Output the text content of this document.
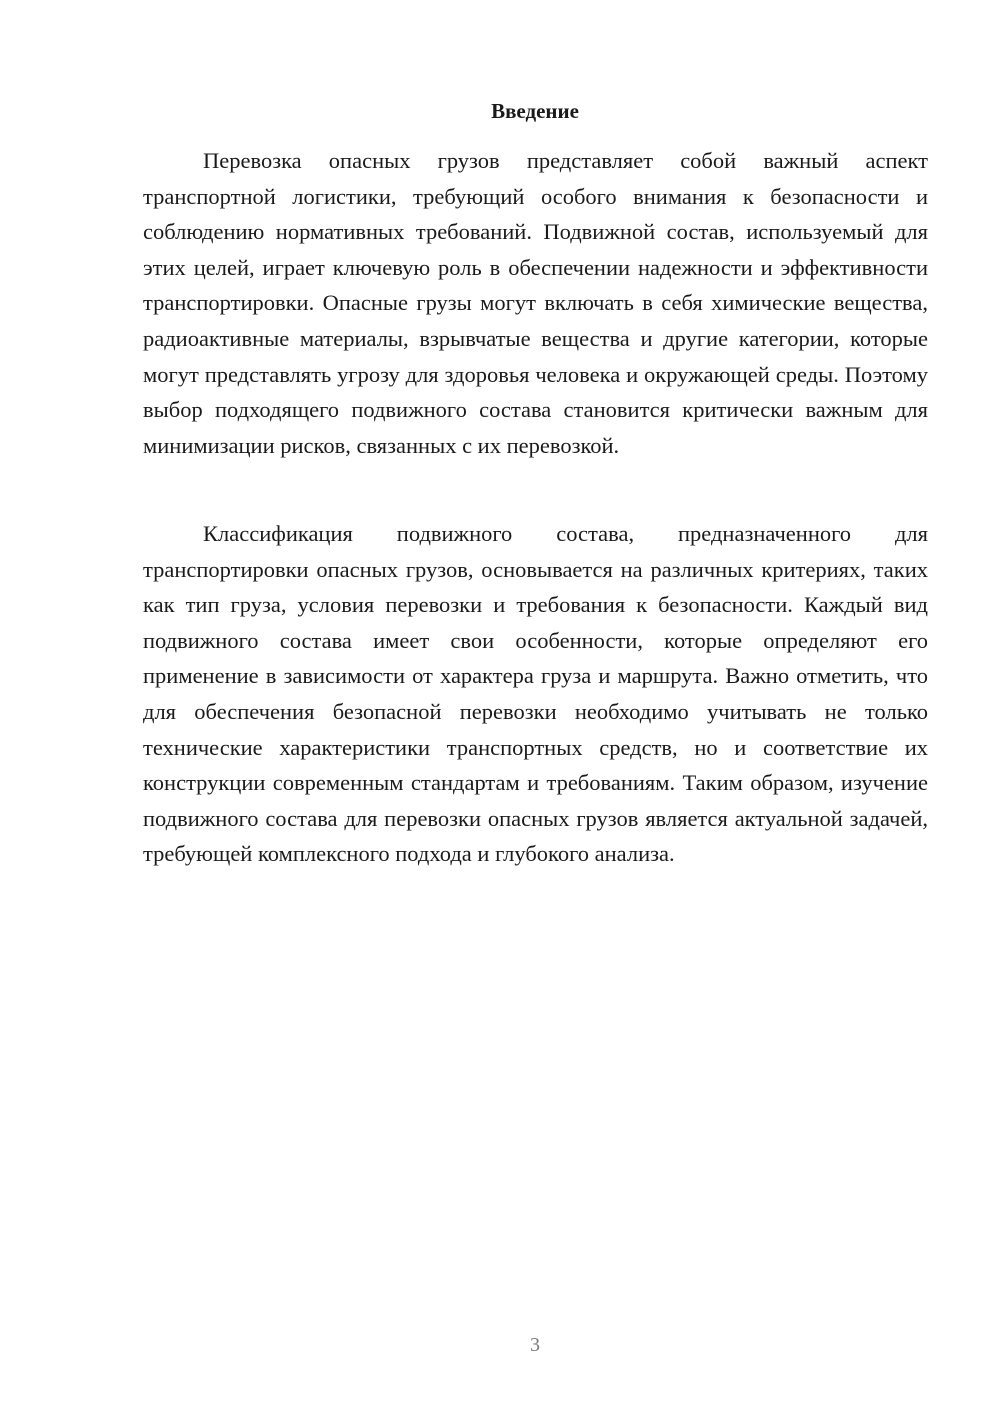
Введение

Перевозка опасных грузов представляет собой важный аспект транспортной логистики, требующий особого внимания к безопасности и соблюдению нормативных требований. Подвижной состав, используемый для этих целей, играет ключевую роль в обеспечении надежности и эффективности транспортировки. Опасные грузы могут включать в себя химические вещества, радиоактивные материалы, взрывчатые вещества и другие категории, которые могут представлять угрозу для здоровья человека и окружающей среды. Поэтому выбор подходящего подвижного состава становится критически важным для минимизации рисков, связанных с их перевозкой.

Классификация подвижного состава, предназначенного для транспортировки опасных грузов, основывается на различных критериях, таких как тип груза, условия перевозки и требования к безопасности. Каждый вид подвижного состава имеет свои особенности, которые определяют его применение в зависимости от характера груза и маршрута. Важно отметить, что для обеспечения безопасной перевозки необходимо учитывать не только технические характеристики транспортных средств, но и соответствие их конструкции современным стандартам и требованиям. Таким образом, изучение подвижного состава для перевозки опасных грузов является актуальной задачей, требующей комплексного подхода и глубокого анализа.

3
